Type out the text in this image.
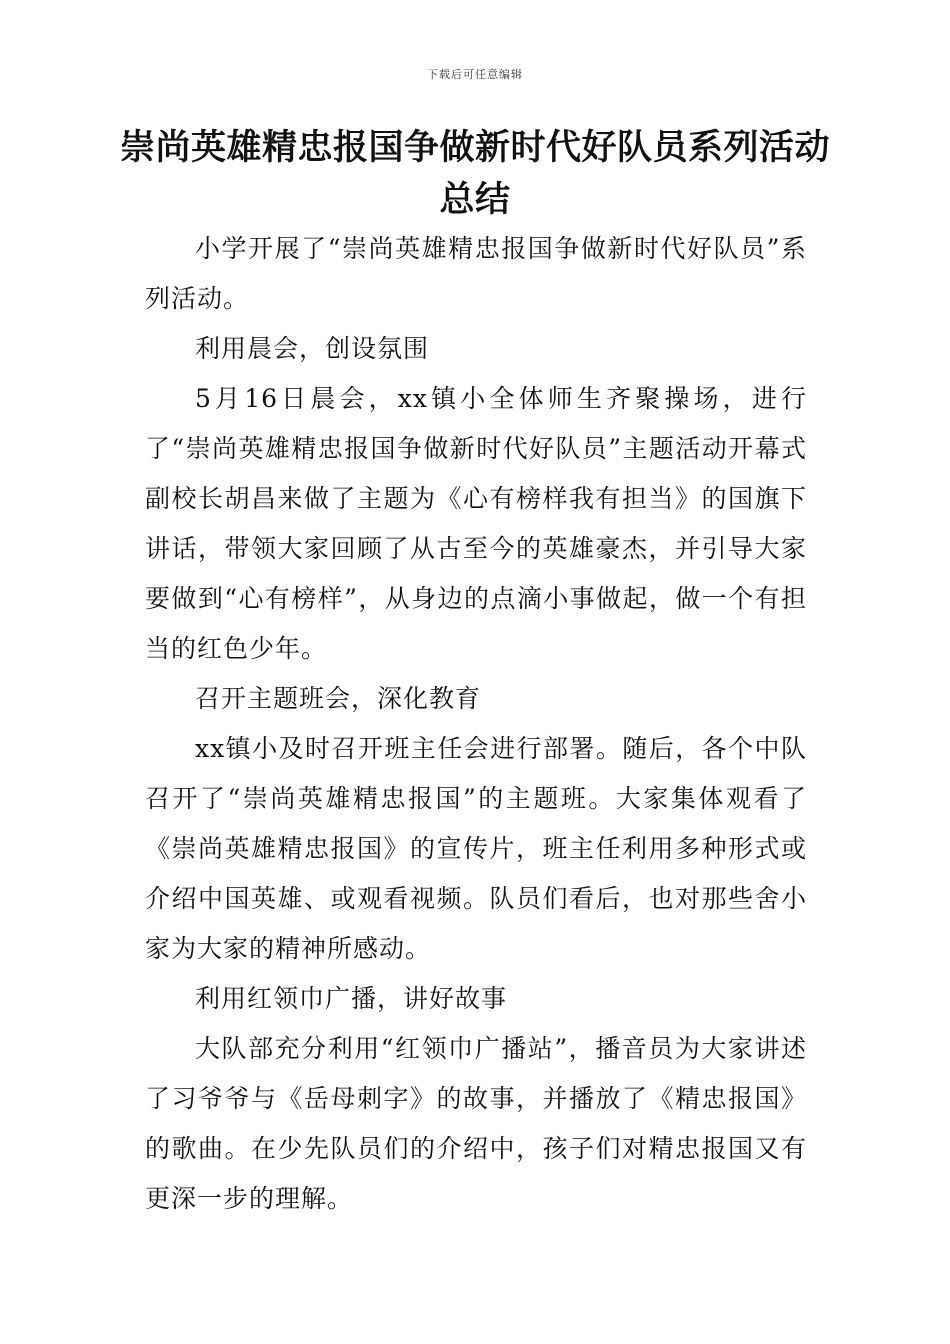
下载后可任意编辑
崇尚英雄精忠报国争做新时代好队员系列活动总结

小学开展了“崇尚英雄精忠报国争做新时代好队员”系列活动。

利用晨会，创设氛围

5月16日晨会，xx镇小全体师生齐聚操场，进行了“崇尚英雄精忠报国争做新时代好队员”主题活动开幕式副校长胡昌来做了主题为《心有榜样我有担当》的国旗下讲话，带领大家回顾了从古至今的英雄豪杰，并引导大家要做到“心有榜样”，从身边的点滴小事做起，做一个有担当的红色少年。

召开主题班会，深化教育

xx镇小及时召开班主任会进行部署。随后，各个中队召开了“崇尚英雄精忠报国”的主题班。大家集体观看了《崇尚英雄精忠报国》的宣传片，班主任利用多种形式或介绍中国英雄、或观看视频。队员们看后，也对那些舍小家为大家的精神所感动。

利用红领巾广播，讲好故事

大队部充分利用“红领巾广播站”，播音员为大家讲述了习爷爷与《岳母刺字》的故事，并播放了《精忠报国》的歌曲。在少先队员们的介绍中，孩子们对精忠报国又有更深一步的理解。
